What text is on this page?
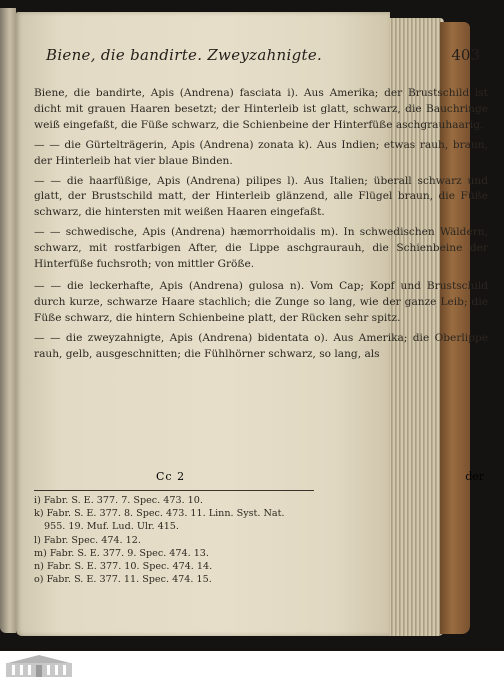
Biene, die bandirte. Zweyzahnigte.	403

Biene, die bandirte, Apis (Andrena) fasciata i). Aus Amerika; der Brustschild ist dicht mit grauen Haaren besetzt; der Hinterleib ist glatt, schwarz, die Bauchringe weiß eingefaßt, die Füße schwarz, die Schienbeine der Hinterfüße aschgrauhaarig.

— — die Gürtelträgerin, Apis (Andrena) zonata k). Aus Indien; etwas rauh, braun, der Hinterleib hat vier blaue Binden.

— — die haarfüßige, Apis (Andrena) pilipes l). Aus Italien; überall schwarz und glatt, der Brustschild matt, der Hinterleib glänzend, alle Flügel braun, die Füße schwarz, die hintersten mit weißen Haaren eingefaßt.

— — schwedische, Apis (Andrena) hæmorrhoidalis m). In schwedischen Wäldern, schwarz, mit rostfarbigen After, die Lippe aschgraurauh, die Schienbeine der Hinterfüße fuchsroth; von mittler Größe.

— — die leckerhafte, Apis (Andrena) gulosa n). Vom Cap; Kopf und Brustschild durch kurze, schwarze Haare stachlich; die Zunge so lang, wie der ganze Leib; die Füße schwarz, die hintern Schienbeine platt, der Rücken sehr spitz.

— — die zweyzahnigte, Apis (Andrena) bidentata o). Aus Amerika; die Oberlippe rauh, gelb, ausgeschnitten; die Fühlhörner schwarz, so lang, als

Cc 2	der
i) Fabr. S. E. 377. 7. Spec. 473. 10.
k) Fabr. S. E. 377. 8. Spec. 473. 11. Linn. Syst. Nat.
955. 19. Muf. Lud. Ulr. 415.
l) Fabr. Spec. 474. 12.
m) Fabr. S. E. 377. 9. Spec. 474. 13.
n) Fabr. S. E. 377. 10. Spec. 474. 14.
o) Fabr. S. E. 377. 11. Spec. 474. 15.
